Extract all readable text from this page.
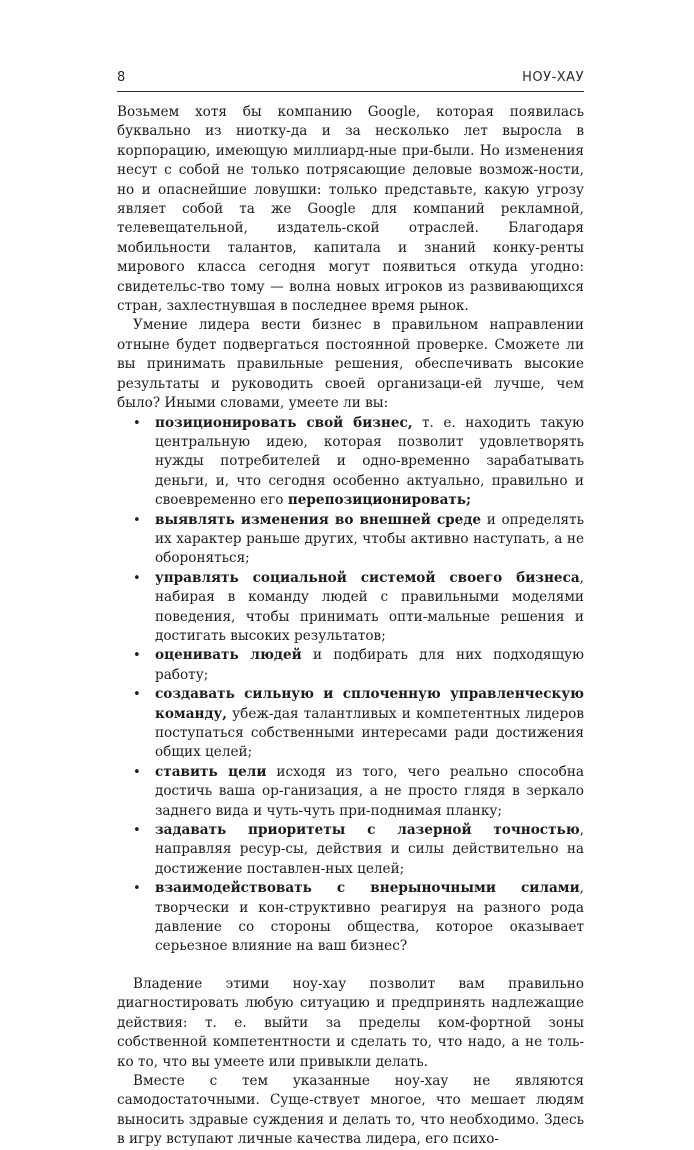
8	НОУ-ХАУ

Возьмем хотя бы компанию Google, которая появилась буквально из ниотку-да и за несколько лет выросла в корпорацию, имеющую миллиард-ные при-были. Но изменения несут с собой не только потрясающие деловые возмож-ности, но и опаснейшие ловушки: только представьте, какую угрозу являет собой та же Google для компаний рекламной, телевещательной, издатель-ской отраслей. Благодаря мобильности талантов, капитала и знаний конку-ренты мирового класса сегодня могут появиться откуда угодно: свидетельс-тво тому — волна новых игроков из развивающихся стран, захлестнувшая в последнее время рынок.

Умение лидера вести бизнес в правильном направлении отныне будет подвергаться постоянной проверке. Сможете ли вы принимать правильные решения, обеспечивать высокие результаты и руководить своей организаци-ей лучше, чем было? Иными словами, умеете ли вы:

• позиционировать свой бизнес, т. е. находить такую центральную идею, которая позволит удовлетворять нужды потребителей и одно-временно зарабатывать деньги, и, что сегодня особенно актуально, правильно и своевременно его перепозиционировать;
• выявлять изменения во внешней среде и определять их характер раньше других, чтобы активно наступать, а не обороняться;
• управлять социальной системой своего бизнеса, набирая в команду людей с правильными моделями поведения, чтобы принимать опти-мальные решения и достигать высоких результатов;
• оценивать людей и подбирать для них подходящую работу;
• создавать сильную и сплоченную управленческую команду, убеж-дая талантливых и компетентных лидеров поступаться собственными интересами ради достижения общих целей;
• ставить цели исходя из того, чего реально способна достичь ваша ор-ганизация, а не просто глядя в зеркало заднего вида и чуть-чуть при-поднимая планку;
• задавать приоритеты с лазерной точностью, направляя ресур-сы, действия и силы действительно на достижение поставлен-ных целей;
• взаимодействовать с внерыночными силами, творчески и кон-структивно реагируя на разного рода давление со стороны общества, которое оказывает серьезное влияние на ваш бизнес?

Владение этими ноу-хау позволит вам правильно диагностировать любую ситуацию и предпринять надлежащие действия: т. е. выйти за пределы ком-фортной зоны собственной компетентности и сделать то, что надо, а не толь-ко то, что вы умеете или привыкли делать.

Вместе с тем указанные ноу-хау не являются самодостаточными. Суще-ствует многое, что мешает людям выносить здравые суждения и делать то, что необходимо. Здесь в игру вступают личные качества лидера, его психо-
